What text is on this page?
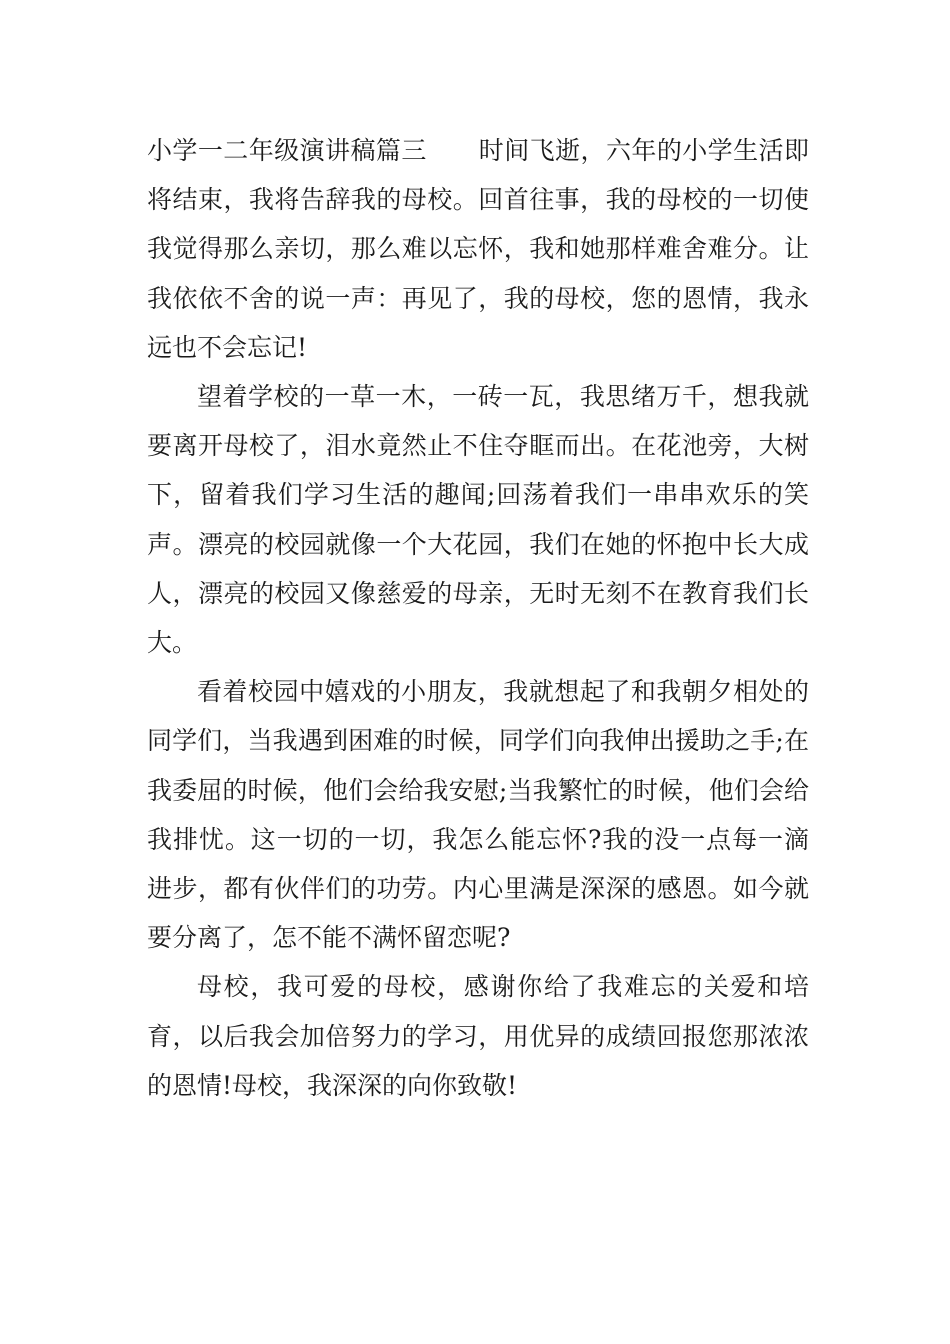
小学一二年级演讲稿篇三 时间飞逝，六年的小学生活即将结束，我将告辞我的母校。回首往事，我的母校的一切使我觉得那么亲切，那么难以忘怀，我和她那样难舍难分。让我依依不舍的说一声：再见了，我的母校，您的恩情，我永远也不会忘记!

望着学校的一草一木，一砖一瓦，我思绪万千，想我就要离开母校了，泪水竟然止不住夺眶而出。在花池旁，大树下，留着我们学习生活的趣闻;回荡着我们一串串欢乐的笑声。漂亮的校园就像一个大花园，我们在她的怀抱中长大成人，漂亮的校园又像慈爱的母亲，无时无刻不在教育我们长大。

看着校园中嬉戏的小朋友，我就想起了和我朝夕相处的同学们，当我遇到困难的时候，同学们向我伸出援助之手;在我委屈的时候，他们会给我安慰;当我繁忙的时候，他们会给我排忧。这一切的一切，我怎么能忘怀?我的没一点每一滴进步，都有伙伴们的功劳。内心里满是深深的感恩。如今就要分离了，怎不能不满怀留恋呢?

母校，我可爱的母校，感谢你给了我难忘的关爱和培育，以后我会加倍努力的学习，用优异的成绩回报您那浓浓的恩情!母校，我深深的向你致敬!
